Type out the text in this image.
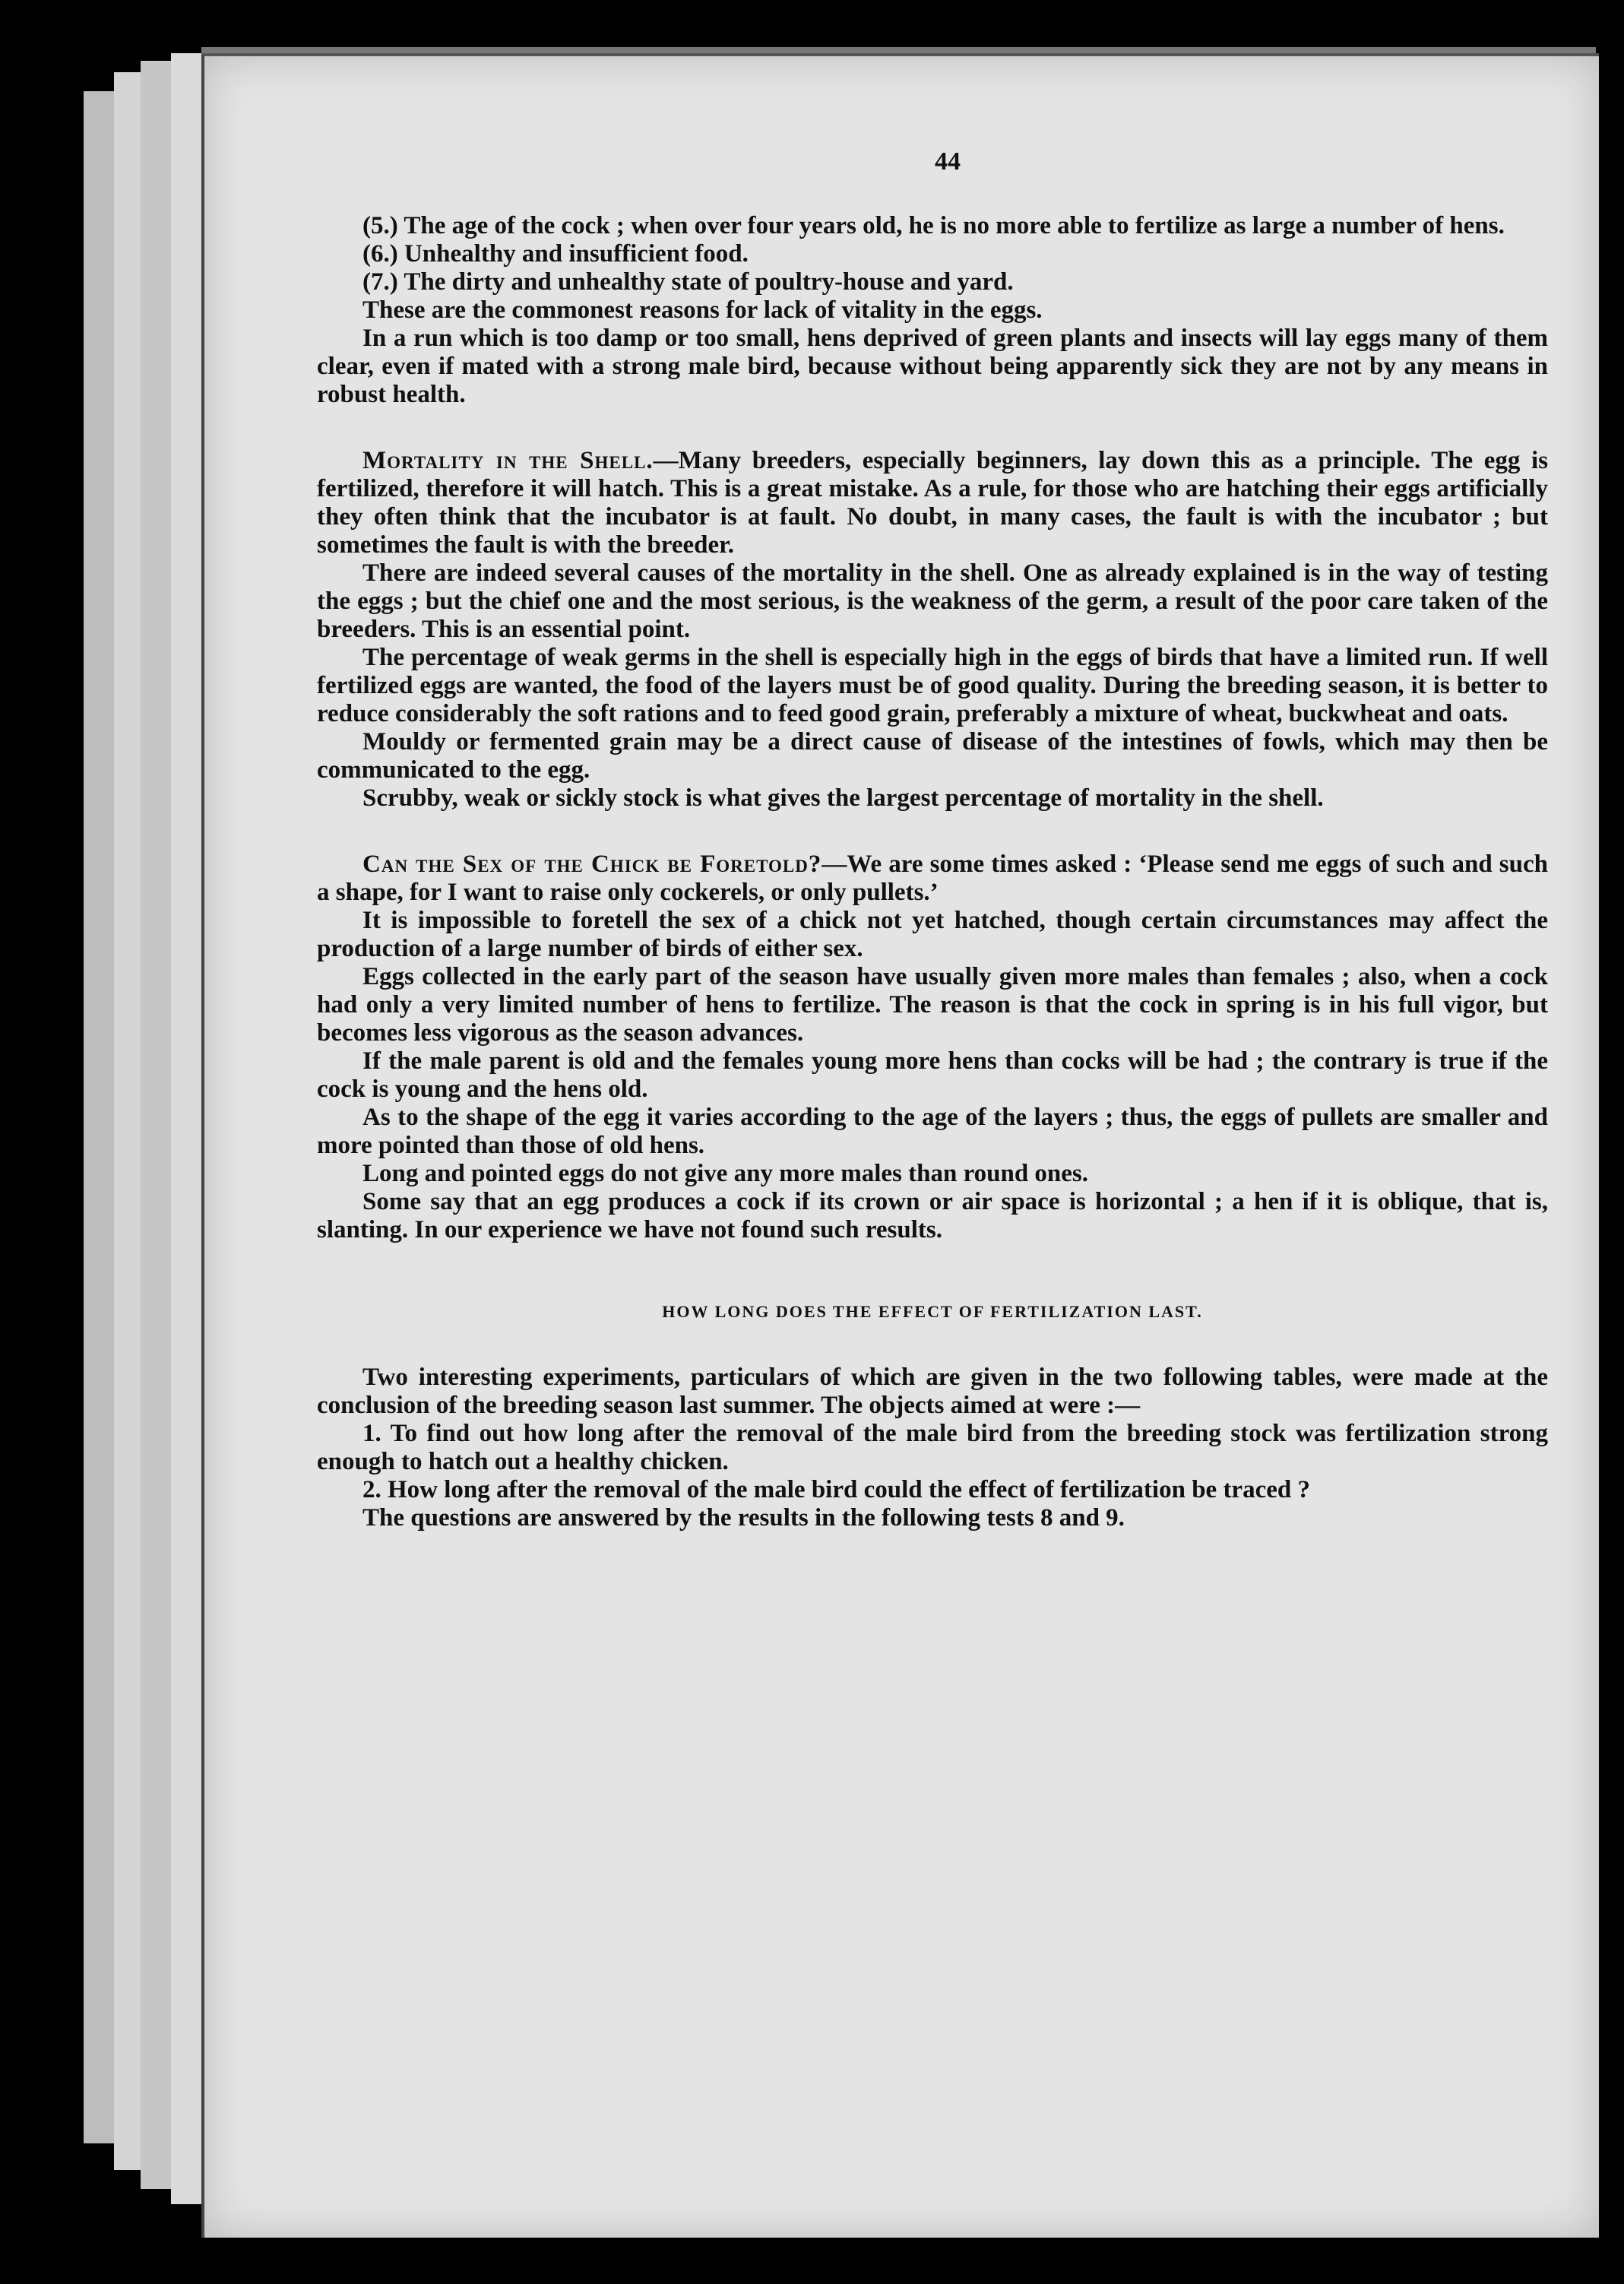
44

(5.) The age of the cock ; when over four years old, he is no more able to fertilize as large a number of hens.

(6.) Unhealthy and insufficient food.

(7.) The dirty and unhealthy state of poultry-house and yard.

These are the commonest reasons for lack of vitality in the eggs.

In a run which is too damp or too small, hens deprived of green plants and insects will lay eggs many of them clear, even if mated with a strong male bird, because without being apparently sick they are not by any means in robust health.

Mortality in the Shell.—Many breeders, especially beginners, lay down this as a principle. The egg is fertilized, therefore it will hatch. This is a great mistake. As a rule, for those who are hatching their eggs artificially they often think that the incubator is at fault. No doubt, in many cases, the fault is with the incubator ; but sometimes the fault is with the breeder.

There are indeed several causes of the mortality in the shell. One as already explained is in the way of testing the eggs ; but the chief one and the most serious, is the weakness of the germ, a result of the poor care taken of the breeders. This is an essential point.

The percentage of weak germs in the shell is especially high in the eggs of birds that have a limited run. If well fertilized eggs are wanted, the food of the layers must be of good quality. During the breeding season, it is better to reduce considerably the soft rations and to feed good grain, preferably a mixture of wheat, buckwheat and oats.

Mouldy or fermented grain may be a direct cause of disease of the intestines of fowls, which may then be communicated to the egg.

Scrubby, weak or sickly stock is what gives the largest percentage of mortality in the shell.

Can the Sex of the Chick be Foretold?—We are some times asked : ‘Please send me eggs of such and such a shape, for I want to raise only cockerels, or only pullets.’

It is impossible to foretell the sex of a chick not yet hatched, though certain circumstances may affect the production of a large number of birds of either sex.

Eggs collected in the early part of the season have usually given more males than females ; also, when a cock had only a very limited number of hens to fertilize. The reason is that the cock in spring is in his full vigor, but becomes less vigorous as the season advances.

If the male parent is old and the females young more hens than cocks will be had ; the contrary is true if the cock is young and the hens old.

As to the shape of the egg it varies according to the age of the layers ; thus, the eggs of pullets are smaller and more pointed than those of old hens.

Long and pointed eggs do not give any more males than round ones.

Some say that an egg produces a cock if its crown or air space is horizontal ; a hen if it is oblique, that is, slanting. In our experience we have not found such results.

HOW LONG DOES THE EFFECT OF FERTILIZATION LAST.

Two interesting experiments, particulars of which are given in the two following tables, were made at the conclusion of the breeding season last summer. The objects aimed at were :—

1. To find out how long after the removal of the male bird from the breeding stock was fertilization strong enough to hatch out a healthy chicken.

2. How long after the removal of the male bird could the effect of fertilization be traced ?

The questions are answered by the results in the following tests 8 and 9.
